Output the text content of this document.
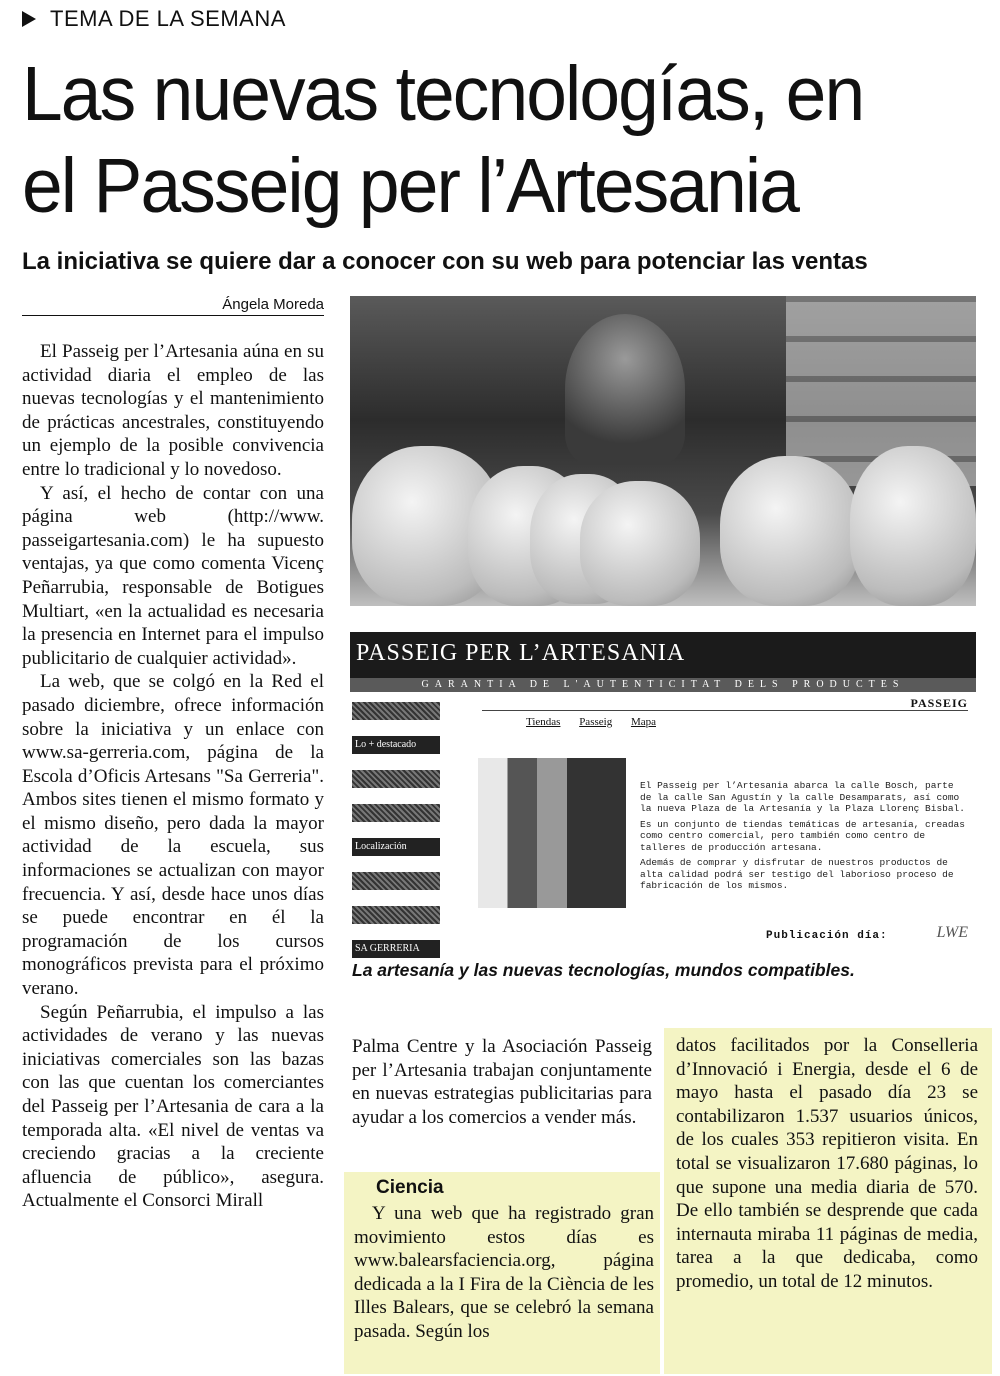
TEMA DE LA SEMANA
Las nuevas tecnologías, en
el Passeig per l’Artesania
La iniciativa se quiere dar a conocer con su web para potenciar las ventas
Ángela Moreda

El Passeig per l’Artesania aúna en su actividad diaria el empleo de las nuevas tecnologías y el mantenimiento de prácticas ancestrales, constituyendo un ejemplo de la posible convivencia entre lo tradicional y lo novedoso.

Y así, el hecho de contar con una página web (http://www. passeigartesania.com) le ha supuesto ventajas, ya que como comenta Vicenç Peñarrubia, responsable de Botigues Multiart, «en la actualidad es necesaria la presencia en Internet para el impulso publicitario de cualquier actividad».

La web, que se colgó en la Red el pasado diciembre, ofrece información sobre la iniciativa y un enlace con www.sa-gerreria.com, página de la Escola d’Oficis Artesans "Sa Gerreria". Ambos sites tienen el mismo formato y el mismo diseño, pero dada la mayor actividad de la escuela, sus informaciones se actualizan con mayor frecuencia. Y así, desde hace unos días se puede encontrar en él la programación de los cursos monográficos prevista para el próximo verano.

Según Peñarrubia, el impulso a las actividades de verano y las nuevas iniciativas comerciales son las bazas con las que cuentan los comerciantes del Passeig per l’Artesania de cara a la temporada alta. «El nivel de ventas va creciendo gracias a la creciente afluencia de público», asegura. Actualmente el Consorci Mirall

PASSEIG PER L’ARTESANIA
GARANTIA DE L'AUTENTICITAT DELS PRODUCTES
Lo + destacado
Localización
SA GERRERIA
PASSEIG
Tiendas Passeig Mapa

El Passeig per l’Artesania abarca la calle Bosch, parte de la calle San Agustín y la calle Desamparats, así como la nueva Plaza de la Artesanía y la Plaza Llorenç Bisbal.

Es un conjunto de tiendas temáticas de artesanía, creadas como centro comercial, pero también como centro de talleres de producción artesana.

Además de comprar y disfrutar de nuestros productos de alta calidad podrá ser testigo del laborioso proceso de fabricación de los mismos.

Publicación día:	LWE
La artesanía y las nuevas tecnologías, mundos compatibles.

Palma Centre y la Asociación Passeig per l’Artesania trabajan conjuntamente en nuevas estrategias publicitarias para ayudar a los comercios a vender más.

Ciencia

Y una web que ha registrado gran movimiento estos días es www.balearsfaciencia.org, página dedicada a la I Fira de la Ciència de les Illes Balears, que se celebró la semana pasada. Según los

datos facilitados por la Conselleria d’Innovació i Energia, desde el 6 de mayo hasta el pasado día 23 se contabilizaron 1.537 usuarios únicos, de los cuales 353 repitieron visita. En total se visualizaron 17.680 páginas, lo que supone una media diaria de 570. De ello también se desprende que cada internauta miraba 11 páginas de media, tarea a la que dedicaba, como promedio, un total de 12 minutos.
